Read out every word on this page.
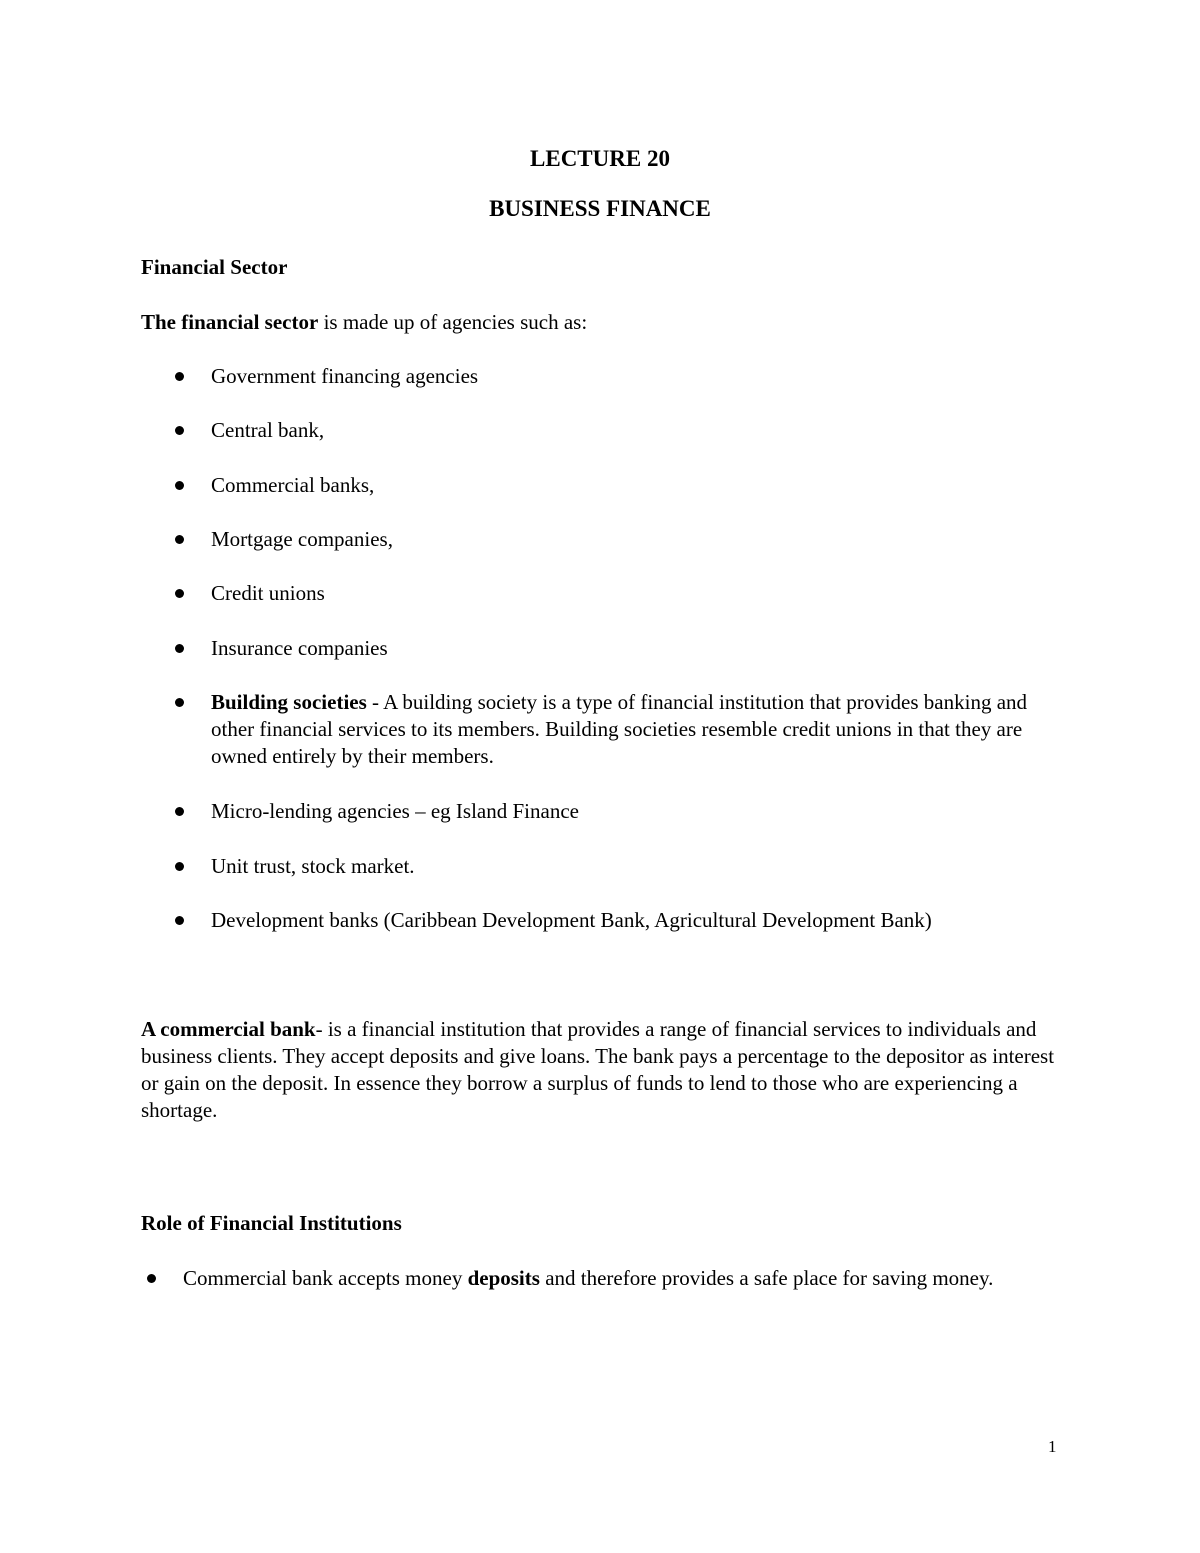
LECTURE 20
BUSINESS FINANCE
Financial Sector
The financial sector is made up of agencies such as:
Government financing agencies
Central bank,
Commercial banks,
Mortgage companies,
Credit unions
Insurance companies
Building societies - A building society is a type of financial institution that provides banking and other financial services to its members. Building societies resemble credit unions in that they are owned entirely by their members.
Micro-lending agencies – eg Island Finance
Unit trust, stock market.
Development banks (Caribbean Development Bank, Agricultural Development Bank)
A commercial bank- is a financial institution that provides a range of financial services to individuals and business clients. They accept deposits and give loans. The bank pays a percentage to the depositor as interest or gain on the deposit. In essence they borrow a surplus of funds to lend to those who are experiencing a shortage.
Role of Financial Institutions
Commercial bank accepts money deposits and therefore provides a safe place for saving money.
1
